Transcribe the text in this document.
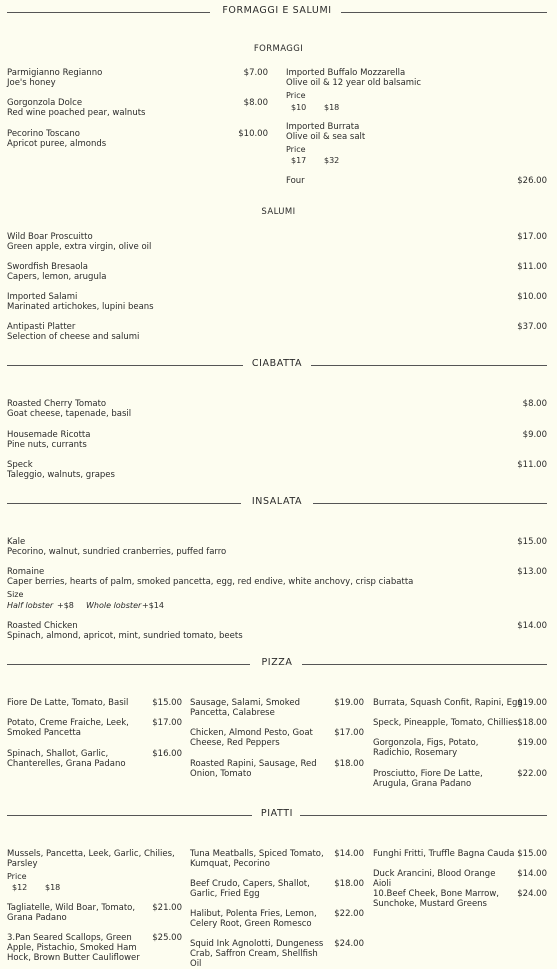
FORMAGGI E SALUMI
FORMAGGI
Parmigianno Regianno
Joe's honey
$7.00
Gorgonzola Dolce
Red wine poached pear, walnuts
$8.00
Pecorino Toscano
Apricot puree, almonds
$10.00
Imported Buffalo Mozzarella
Olive oil & 12 year old balsamic
Price
$10 $18
Imported Burrata
Olive oil & sea salt
Price
$17 $32
Four	$26.00
SALUMI
Wild Boar Proscuitto
Green apple, extra virgin, olive oil
$17.00
Swordfish Bresaola
Capers, lemon, arugula
$11.00
Imported Salami
Marinated artichokes, lupini beans
$10.00
Antipasti Platter
Selection of cheese and salumi
$37.00
CIABATTA
Roasted Cherry Tomato
Goat cheese, tapenade, basil
$8.00
Housemade Ricotta
Pine nuts, currants
$9.00
Speck
Taleggio, walnuts, grapes
$11.00
INSALATA
Kale
Pecorino, walnut, sundried cranberries, puffed farro
$15.00
Romaine
Caper berries, hearts of palm, smoked pancetta, egg, red endive, white anchovy, crisp ciabatta
Size
Half lobster +$8 Whole lobster +$14
$13.00
Roasted Chicken
Spinach, almond, apricot, mint, sundried tomato, beets
$14.00
PIZZA
Fiore De Latte, Tomato, Basil	$15.00
Potato, Creme Fraiche, Leek, Smoked Pancetta
$17.00
Spinach, Shallot, Garlic, Chanterelles, Grana Padano
$16.00
Sausage, Salami, Smoked Pancetta, Calabrese
$19.00
Chicken, Almond Pesto, Goat Cheese, Red Peppers
$17.00
Roasted Rapini, Sausage, Red Onion, Tomato
$18.00
Burrata, Squash Confit, Rapini, Egg
$19.00
Speck, Pineapple, Tomato, Chillies $18.00
Gorgonzola, Figs, Potato, Radichio, Rosemary
$19.00
Prosciutto, Fiore De Latte, Arugula, Grana Padano
$22.00
PIATTI
Mussels, Pancetta, Leek, Garlic, Chilies, Parsley
Price
$12 $18
Tagliatelle, Wild Boar, Tomato, Grana Padano
$21.00
3.Pan Seared Scallops, Green Apple, Pistachio, Smoked Ham Hock, Brown Butter Cauliflower
$25.00
Tuna Meatballs, Spiced Tomato, Kumquat, Pecorino
$14.00
Beef Crudo, Capers, Shallot, Garlic, Fried Egg
$18.00
Halibut, Polenta Fries, Lemon, Celery Root, Green Romesco
$22.00
Squid Ink Agnolotti, Dungeness Crab, Saffron Cream, Shellfish Oil
$24.00
Funghi Fritti, Truffle Bagna Cauda $15.00
Duck Arancini, Blood Orange Aioli
$14.00
10.Beef Cheek, Bone Marrow, Sunchoke, Mustard Greens
$24.00
